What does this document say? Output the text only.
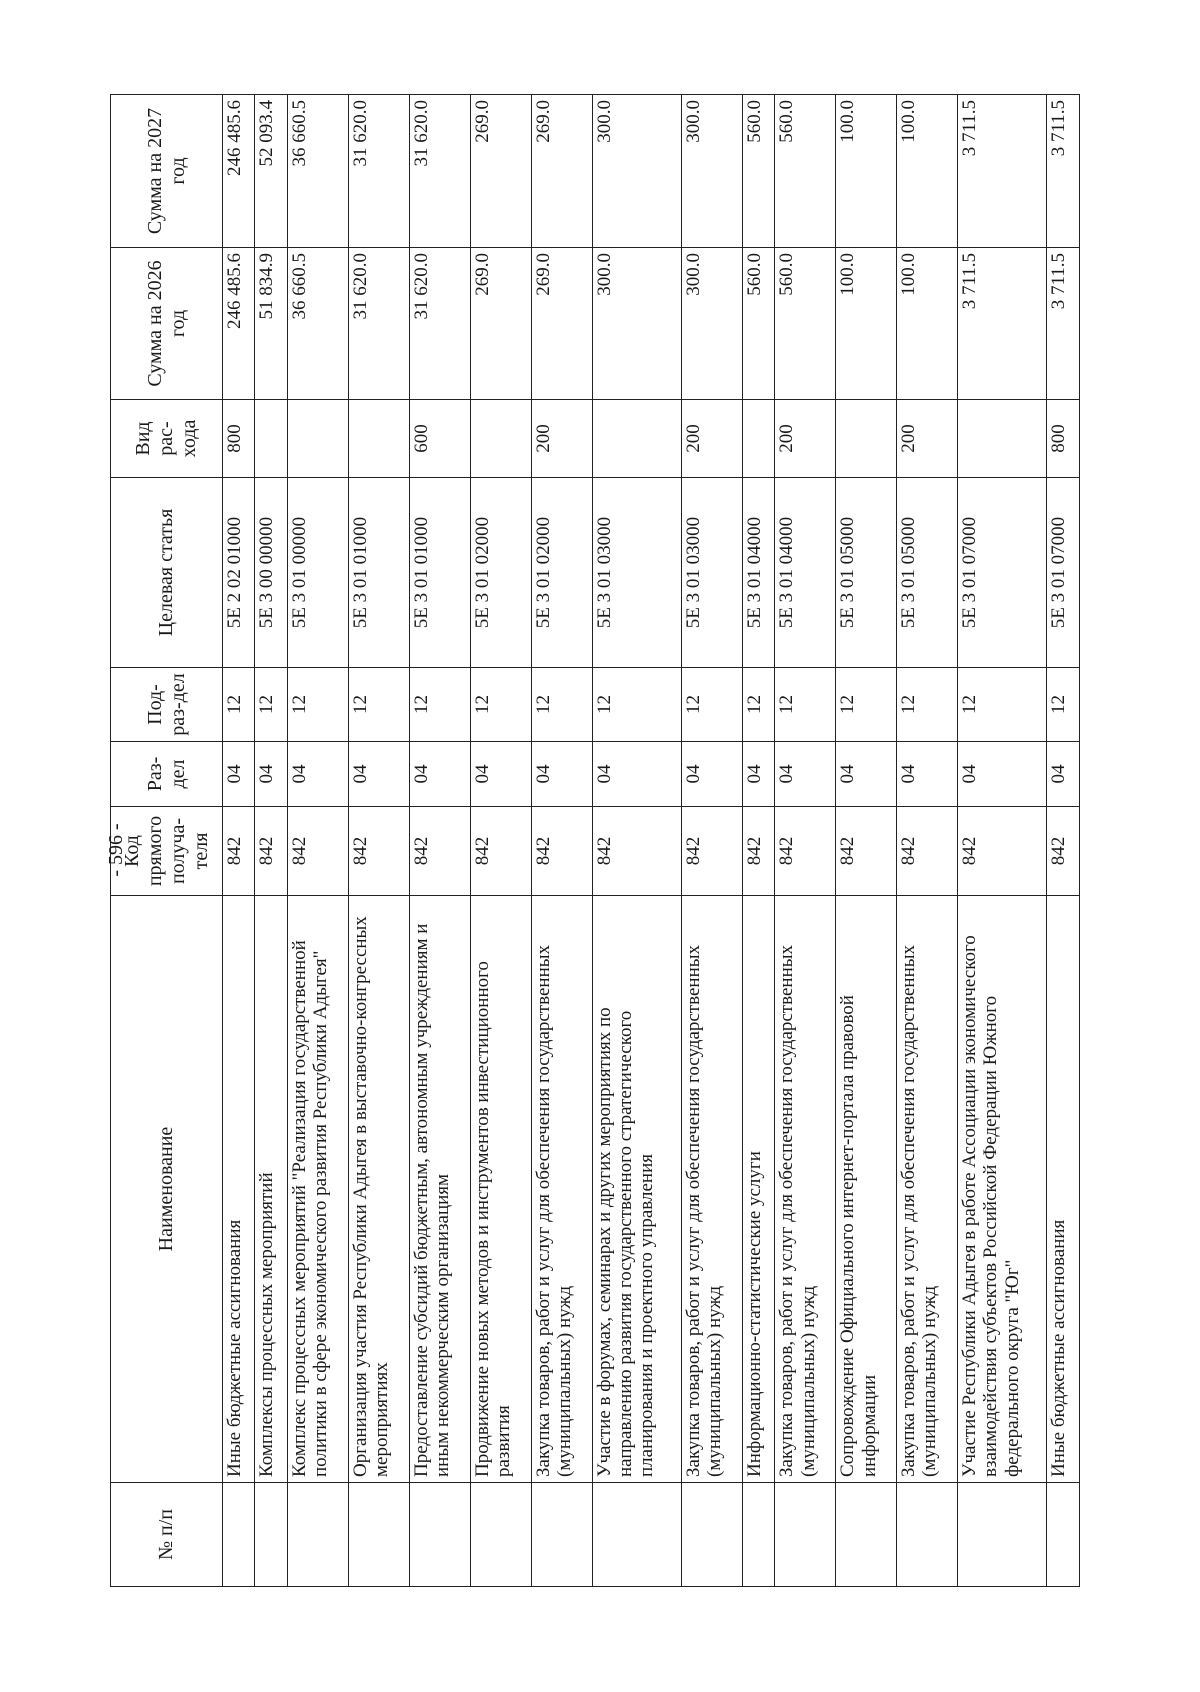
- 596 -
№ п/п	Наименование	Код прямого получа-теля	Раз-дел	Под-раз-дел	Целевая статья	Вид рас-хода	Сумма на 2026 год	Сумма на 2027 год
	Иные бюджетные ассигнования	842	04	12	5Е 2 02 01000	800	246 485.6	246 485.6
	Комплексы процессных мероприятий	842	04	12	5Е 3 00 00000		51 834.9	52 093.4
	Комплекс процессных мероприятий "Реализация государственной политики в сфере экономического развития Республики Адыгея"	842	04	12	5Е 3 01 00000		36 660.5	36 660.5
	Организация участия Республики Адыгея в выставочно-конгрессных мероприятиях	842	04	12	5Е 3 01 01000		31 620.0	31 620.0
	Предоставление субсидий бюджетным, автономным учреждениям и иным некоммерческим организациям	842	04	12	5Е 3 01 01000	600	31 620.0	31 620.0
	Продвижение новых методов и инструментов инвестиционного развития	842	04	12	5Е 3 01 02000		269.0	269.0
	Закупка товаров, работ и услуг для обеспечения государственных (муниципальных) нужд	842	04	12	5Е 3 01 02000	200	269.0	269.0
	Участие в форумах, семинарах и других мероприятиях по направлению развития государственного стратегического планирования и проектного управления	842	04	12	5Е 3 01 03000		300.0	300.0
	Закупка товаров, работ и услуг для обеспечения государственных (муниципальных) нужд	842	04	12	5Е 3 01 03000	200	300.0	300.0
	Информационно-статистические услуги	842	04	12	5Е 3 01 04000		560.0	560.0
	Закупка товаров, работ и услуг для обеспечения государственных (муниципальных) нужд	842	04	12	5Е 3 01 04000	200	560.0	560.0
	Сопровождение Официального интернет-портала правовой информации	842	04	12	5Е 3 01 05000		100.0	100.0
	Закупка товаров, работ и услуг для обеспечения государственных (муниципальных) нужд	842	04	12	5Е 3 01 05000	200	100.0	100.0
	Участие Республики Адыгея в работе Ассоциации экономического взаимодействия субъектов Российской Федерации Южного федерального округа "Юг"	842	04	12	5Е 3 01 07000		3 711.5	3 711.5
	Иные бюджетные ассигнования	842	04	12	5Е 3 01 07000	800	3 711.5	3 711.5
